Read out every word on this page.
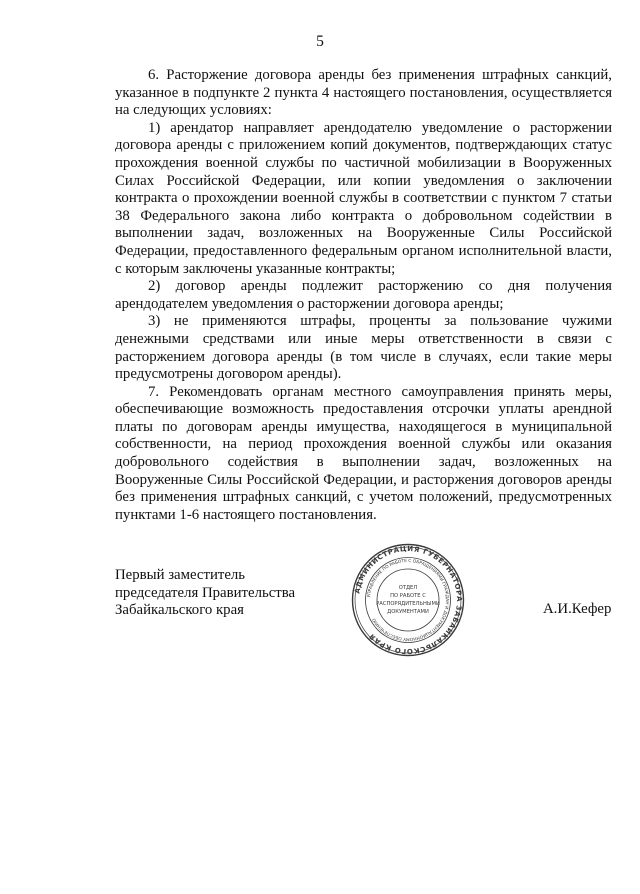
5

6. Расторжение договора аренды без применения штрафных санкций, указанное в подпункте 2 пункта 4 настоящего постановления, осуществляется на следующих условиях:

1) арендатор направляет арендодателю уведомление о расторжении договора аренды с приложением копий документов, подтверждающих статус прохождения военной службы по частичной мобилизации в Вооруженных Силах Российской Федерации, или копии уведомления о заключении контракта о прохождении военной службы в соответствии с пунктом 7 статьи 38 Федерального закона либо контракта о добровольном содействии в выполнении задач, возложенных на Вооруженные Силы Российской Федерации, предоставленного федеральным органом исполнительной власти, с которым заключены указанные контракты;

2) договор аренды подлежит расторжению со дня получения арендодателем уведомления о расторжении договора аренды;

3) не применяются штрафы, проценты за пользование чужими денежными средствами или иные меры ответственности в связи с расторжением договора аренды (в том числе в случаях, если такие меры предусмотрены договором аренды).

7. Рекомендовать органам местного самоуправления принять меры, обеспечивающие возможность предоставления отсрочки уплаты арендной платы по договорам аренды имущества, находящегося в муниципальной собственности, на период прохождения военной службы или оказания добровольного содействия в выполнении задач, возложенных на Вооруженные Силы Российской Федерации, и расторжения договоров аренды без применения штрафных санкций, с учетом положений, предусмотренных пунктами 1-6 настоящего постановления.

Первый заместитель
председателя Правительства
Забайкальского края	А.И.Кефер
АДМИНИСТРАЦИЯ ГУБЕРНАТОРА ЗАБАЙКАЛЬСКОГО КРАЯ
УПРАВЛЕНИЕ ПО РАБОТЕ С ОБРАЩЕНИЯМИ ГРАЖДАН И ДОКУМЕНТАЦИОННОМУ ОБЕСПЕЧЕНИЮ
ОТДЕЛ
ПО РАБОТЕ С
РАСПОРЯДИТЕЛЬНЫМИ
ДОКУМЕНТАМИ
